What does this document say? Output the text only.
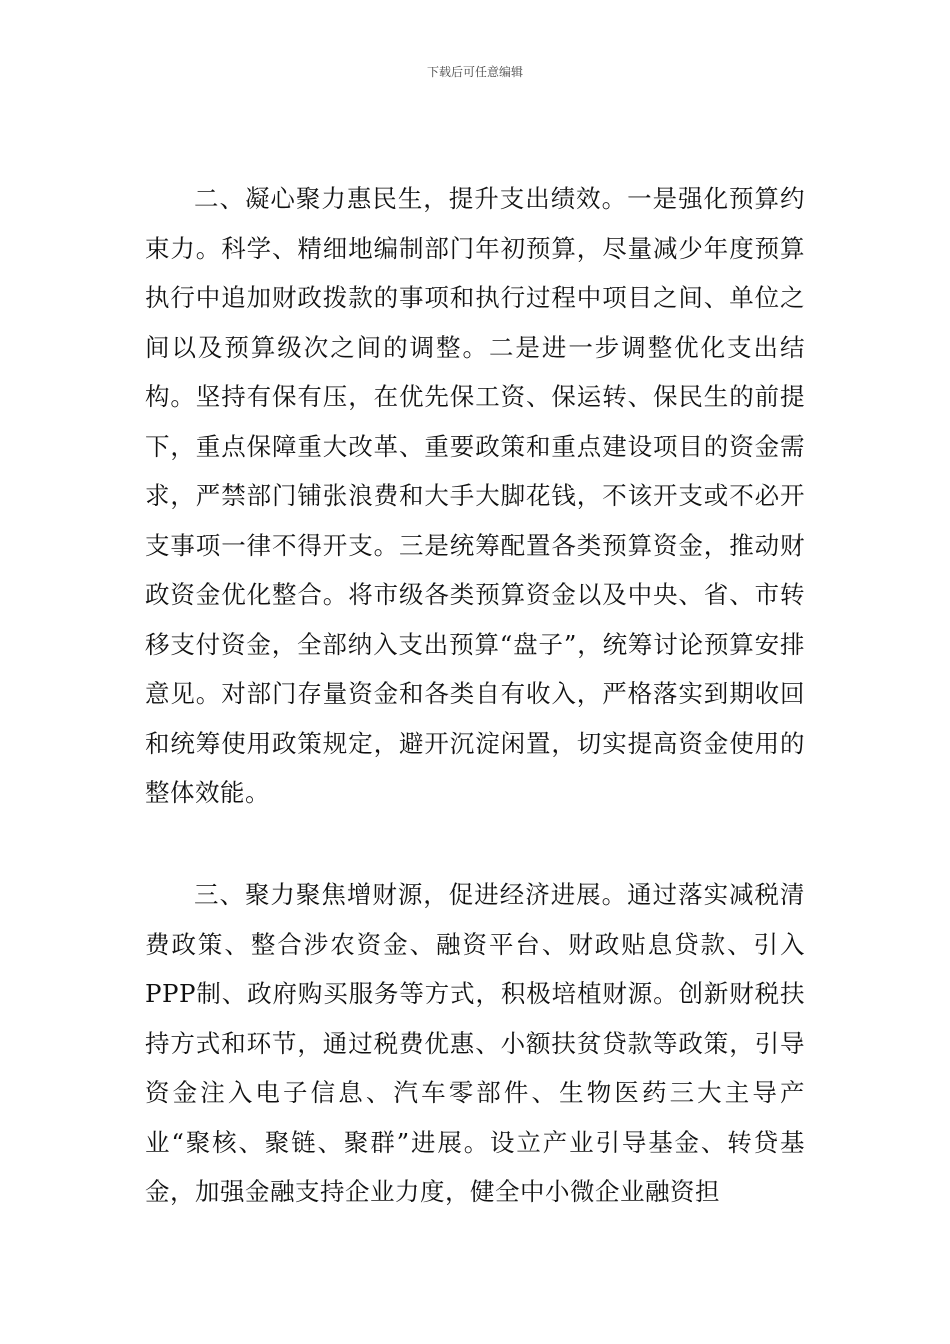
下载后可任意编辑

二、凝心聚力惠民生，提升支出绩效。一是强化预算约束力。科学、精细地编制部门年初预算，尽量减少年度预算执行中追加财政拨款的事项和执行过程中项目之间、单位之间以及预算级次之间的调整。二是进一步调整优化支出结构。坚持有保有压，在优先保工资、保运转、保民生的前提下，重点保障重大改革、重要政策和重点建设项目的资金需求，严禁部门铺张浪费和大手大脚花钱，不该开支或不必开支事项一律不得开支。三是统筹配置各类预算资金，推动财政资金优化整合。将市级各类预算资金以及中央、省、市转移支付资金，全部纳入支出预算“盘子”，统筹讨论预算安排意见。对部门存量资金和各类自有收入，严格落实到期收回和统筹使用政策规定，避开沉淀闲置，切实提高资金使用的整体效能。

三、聚力聚焦增财源，促进经济进展。通过落实减税清费政策、整合涉农资金、融资平台、财政贴息贷款、引入PPP制、政府购买服务等方式，积极培植财源。创新财税扶持方式和环节，通过税费优惠、小额扶贫贷款等政策，引导资金注入电子信息、汽车零部件、生物医药三大主导产业“聚核、聚链、聚群”进展。设立产业引导基金、转贷基金，加强金融支持企业力度，健全中小微企业融资担
